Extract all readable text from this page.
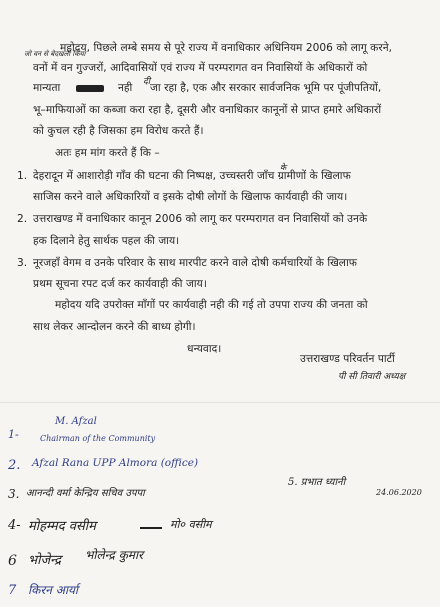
महोदय, पिछले लम्बे समय से पूरे राज्य में वनाधिकार अधिनियम 2006 को लागू करने,
वनों में वन गुज्जरों, आदिवासियों एवं राज्य में परम्परागत वन निवासियों के अधिकारों को
मान्यता	नही जा रहा है, एक और सरकार सार्वजनिक भूमि पर पूंजीपतियों,
भू–माफियाओं का कब्जा करा रहा है, दूसरी और वनाधिकार कानूनों से प्राप्त हमारे अधिकारों
को कुचल रही है जिसका हम विरोध करते हैं।
अतः हम मांग करते हैं कि –
1. देहरादून में आशारोड़ी गाँव की घटना की निष्पक्ष, उच्चस्तरी जाँच ग्रामीणों के खिलाफ
साजिस करने वाले अधिकारियों व इसके दोषी लोगों के खिलाफ कार्यवाही की जाय।
2. उत्तराखण्ड में वनाधिकार कानून 2006 को लागू कर परम्परागत वन निवासियों को उनके
हक दिलाने हेतु सार्थक पहल की जाय।
3. नूरजहाँ वेगम व उनके परिवार के साथ मारपीट करने वाले दोषी कर्मचारियों के खिलाफ
प्रथम सूचना रपट दर्ज कर कार्यवाही की जाय।
महोदय यदि उपरोक्त माँगों पर कार्यवाही नही की गई तो उपपा राज्य की जनता को
साथ लेकर आन्दोलन करने की बाध्य होगी।
धन्यवाद।
उत्तराखण्ड परिवर्तन पार्टी
जो वन से बेदखली किया
दी
के
पी सी तिवारी अध्यक्ष
1-
M. Afzal
Chairman of the Community
2. Afzal Rana UPP Almora (office)
3. आनन्दी वर्मा केन्द्रिय सचिव उपपा
5. प्रभात ध्यानी
24.06.2020
4- मोहम्मद वसीम	मो० वसीम
6 भोजेन्द्र भोलेन्द्र कुमार
7 किरन आर्या
